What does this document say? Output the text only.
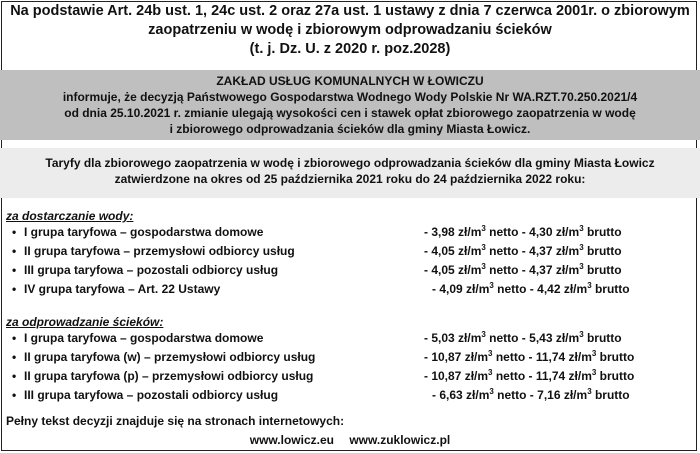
Na podstawie Art. 24b ust. 1, 24c ust. 2 oraz 27a ust. 1 ustawy z dnia 7 czerwca 2001r. o zbiorowym
zaopatrzeniu w wodę i zbiorowym odprowadzaniu ścieków
(t. j. Dz. U. z 2020 r. poz.2028)
ZAKŁAD USŁUG KOMUNALNYCH W ŁOWICZU
informuje, że decyzją Państwowego Gospodarstwa Wodnego Wody Polskie Nr WA.RZT.70.250.2021/4
od dnia 25.10.2021 r. zmianie ulegają wysokości cen i stawek opłat zbiorowego zaopatrzenia w wodę
i zbiorowego odprowadzania ścieków dla gminy Miasta Łowicz.
Taryfy dla zbiorowego zaopatrzenia w wodę i zbiorowego odprowadzania ścieków dla gminy Miasta Łowicz
zatwierdzone na okres od 25 października 2021 roku do 24 października 2022 roku:
za dostarczanie wody:
• I grupa taryfowa – gospodarstwa domowe	- 3,98 $zł/m^3$ netto - 4,30 $zł/m^3$ brutto
• II grupa taryfowa – przemysłowi odbiorcy usług	- 4,05 $zł/m^3$ netto - 4,37 $zł/m^3$ brutto
• III grupa taryfowa – pozostali odbiorcy usług	- 4,05 $zł/m^3$ netto - 4,37 $zł/m^3$ brutto
• IV grupa taryfowa – Art. 22 Ustawy	- 4,09 $zł/m^3$ netto - 4,42 $zł/m^3$ brutto
za odprowadzanie ścieków:
• I grupa taryfowa – gospodarstwa domowe	- 5,03 $zł/m^3$ netto - 5,43 $zł/m^3$ brutto
• II grupa taryfowa (w) – przemysłowi odbiorcy usług	- 10,87 $zł/m^3$ netto - 11,74 $zł/m^3$ brutto
• II grupa taryfowa (p) – przemysłowi odbiorcy usług	- 10,87 $zł/m^3$ netto - 11,74 $zł/m^3$ brutto
• III grupa taryfowa – pozostali odbiorcy usług	- 6,63 $zł/m^3$ netto - 7,16 $zł/m^3$ brutto
Pełny tekst decyzji znajduje się na stronach internetowych:
www.lowicz.eu www.zuklowicz.pl
